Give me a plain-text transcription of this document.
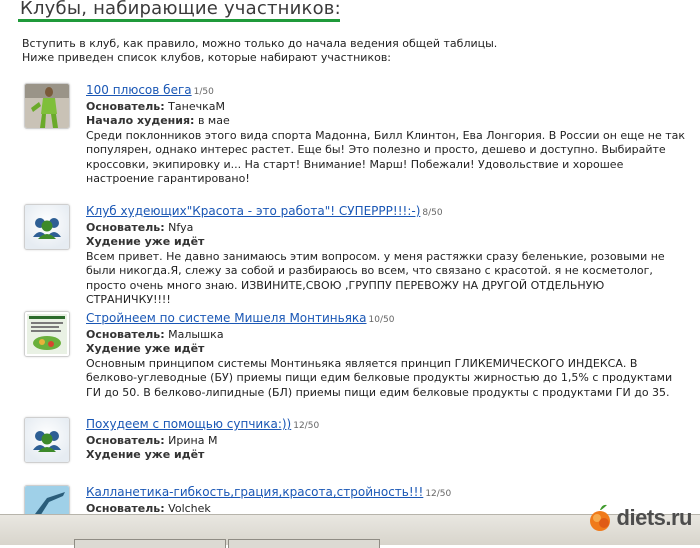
Клубы, набирающие участников:
Вступить в клуб, как правило, можно только до начала ведения общей таблицы.
Ниже приведен список клубов, которые набирают участников:
100 плюсов бега 1/50
Основатель: ТанечкаМ
Начало худения: в мае
Среди поклонников этого вида спорта Мадонна, Билл Клинтон, Ева Лонгория. В России он еще не так популярен, однако интерес растет. Еще бы! Это полезно и просто, дешево и доступно. Выбирайте кроссовки, экипировку и... На старт! Внимание! Марш! Побежали! Удовольствие и хорошее настроение гарантировано!
Клуб худеющих"Красота - это работа"! СУПЕРРР!!!:-) 8/50
Основатель: Nfya
Худение уже идёт
Всем привет. Не давно занимаюсь этим вопросом. у меня растяжки сразу беленькие, розовыми не были никогда.Я, слежу за собой и разбираюсь во всем, что связано с красотой. я не косметолог, просто очень много знаю. ИЗВИНИТЕ,СВОЮ ,ГРУППУ ПЕРЕВОЖУ НА ДРУГОЙ ОТДЕЛЬНУЮ СТРАНИЧКУ!!!!
Стройнеем по системе Мишеля Монтиньяка 10/50
Основатель: Малышка
Худение уже идёт
Основным принципом системы Монтиньяка является принцип ГЛИКЕМИЧЕСКОГО ИНДЕКСА. В белково-углеводные (БУ) приемы пищи едим белковые продукты жирностью до 1,5% с продуктами ГИ до 50. В белково-липидные (БЛ) приемы пищи едим белковые продукты с продуктами ГИ до 35.
Похудеем с помощью супчика:)) 12/50
Основатель: Ирина М
Худение уже идёт
Калланетика-гибкость,грация,красота,стройность!!! 12/50
Основатель: Volchek	diets.ru
